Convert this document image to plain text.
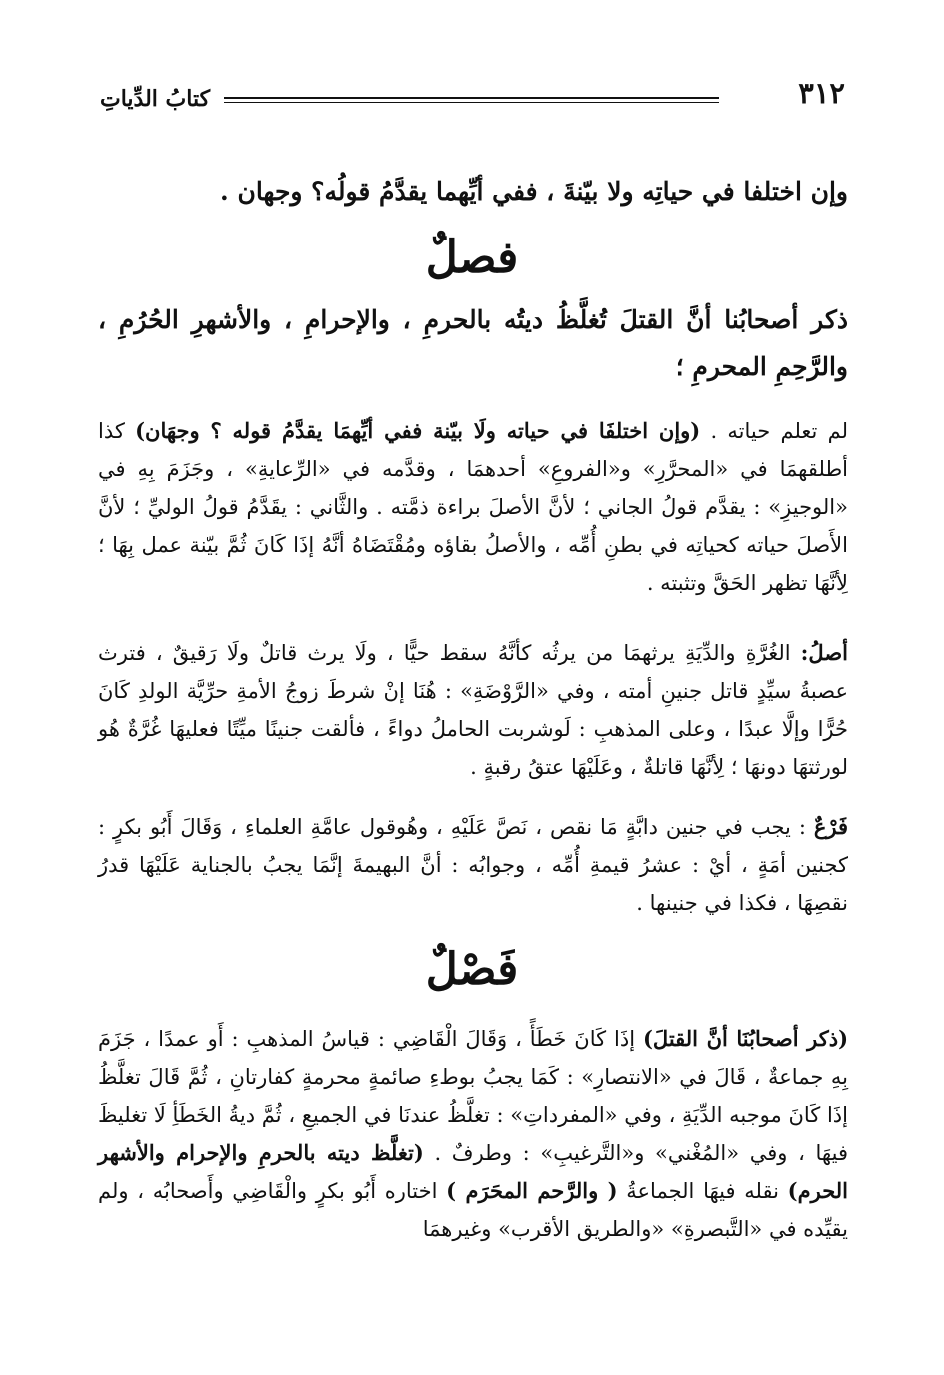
٣١٢
كتابُ الدِّياتِ
وإن اختلفا في حياتِه ولا بيّنةَ ، ففي أيِّهما يقدَّمُ قولُه؟ وجهان .
فصلٌ
ذكر أصحابُنا أنَّ القتلَ تُغلَّظُ ديتُه بالحرمِ ، والإحرامِ ، والأشهرِ الحُرُمِ ، والرَّحِمِ المحرمِ ؛
لم تعلم حياته . (وإن اختلفَا في حياته ولَا بيّنة ففي أيِّهمَا يقدَّمُ قوله ؟ وجهَان) كذا أطلقهمَا في «المحرَّرِ» و«الفروعِ» أحدهمَا ، وقدَّمه في «الرِّعايةِ» ، وجَزَمَ بِهِ في «الوجيزِ» : يقدَّم قولُ الجاني ؛ لأنَّ الأصلَ براءة ذمَّته . والثَّاني : يقَدَّمُ قولُ الوليِّ ؛ لأنَّ الأَصلَ حياته كحياتِه في بطنِ أُمِّه ، والأصلُ بقاؤه ومُقْتَضَاهُ أنَّهُ إذَا كَانَ ثُمَّ بيّنة عمل بِهَا ؛ لِأنَّهَا تظهر الحَقَّ وتثبته .
أصلُ: الغُرَّةِ والدِّيَةِ يرثهمَا من يرثُه كأنَّهُ سقط حيًّا ، ولَا يرث قاتلٌ ولَا رَقيقٌ ، فترث عصبةُ سيِّدٍ قاتل جنينِ أمته ، وفي «الرَّوْضَةِ» : هُنَا إنْ شرطَ زوجُ الأمةِ حرِّيَّة الولدِ كَانَ حُرًّا وإلَّا عبدًا ، وعلى المذهبِ : لَوشربت الحاملُ دواءً ، فألقت جنينًا ميِّتًا فعليهَا غُرَّةٌ هُو لورثتهَا دونهَا ؛ لِأنَّهَا قاتلةٌ ، وعَلَيْهَا عتقُ رقبةٍ .
فَرْعٌ : يجب في جنين دابَّةٍ مَا نقص ، نَصَّ عَلَيْهِ ، وهُوقول عامَّةِ العلماءِ ، وَقَالَ أَبُو بكرٍ : كجنين أمَةٍ ، أيْ : عشرُ قيمةِ أُمِّه ، وجوابُه : أنَّ البهيمةَ إنَّمَا يجبُ بالجناية عَلَيْهَا قدرُ نقصِهَا ، فكذا في جنينها .
فَصْلٌ
(ذكر أصحابُنَا أنَّ القتلَ) إذَا كَانَ خَطَأً ، وَقَالَ الْقَاضِي : قياسُ المذهبِ : أَو عمدًا ، جَزَمَ بِهِ جماعةٌ ، قَالَ في «الانتصارِ» : كَمَا يجبُ بوطءِ صائمةٍ محرمةٍ كفارتانِ ، ثُمَّ قَالَ تغلَّظُ إذَا كَانَ موجبه الدِّيَةِ ، وفي «المفرداتِ» : تغلَّظُ عندنَا في الجميعِ ، ثُمَّ ديةُ الخَطَأِ لَا تغليظَ فيهَا ، وفي «المُغْني» و«التَّرغيبِ» : وطرفٌ . (تغلَّظ ديته بالحرمِ والإحرام والأشهر الحرم) نقله فيهَا الجماعةُ ( والرَّحم المحَرَم ) اختاره أَبُو بكرٍ والْقَاضِي وأَصحابُه ، ولم يقيِّده في «التَّبصرةِ» «والطريق الأقرب» وغيرهمَا
